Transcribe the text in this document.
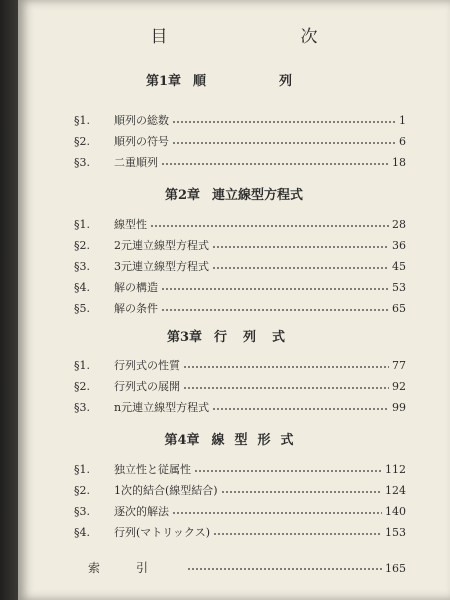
目　次
第1章 順　列
§1.	順列の総数	1
§2.	順列の符号	6
§3.	二重順列	18
第2章 連立線型方程式
§1.	線型性	28
§2.	2元連立線型方程式	36
§3.	3元連立線型方程式	45
§4.	解の構造	53
§5.	解の条件	65
第3章 行列式
§1.	行列式の性質	77
§2.	行列式の展開	92
§3.	n元連立線型方程式	99
第4章 線型形式
§1.	独立性と従属性	112
§2.	1次的結合(線型結合)	124
§3.	逐次的解法	140
§4.	行列(マトリックス)	153
索引	165
